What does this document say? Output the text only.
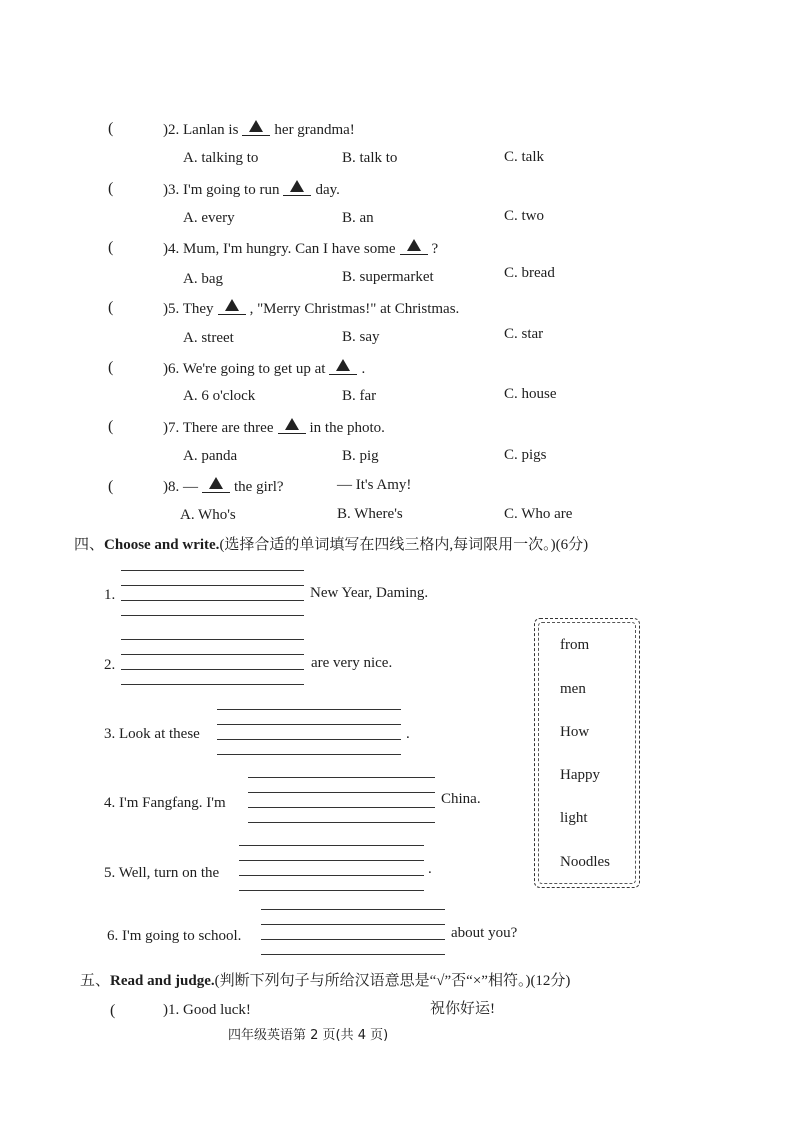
(	)2. Lanlan is her grandma!
A. talking to	B. talk to	C. talk
(	)3. I'm going to run day.
A. every	B. an	C. two
(	)4. Mum, I'm hungry. Can I have some ?
A. bag	B. supermarket	C. bread
(	)5. They , "Merry Christmas!" at Christmas.
A. street	B. say	C. star
(	)6. We're going to get up at .
A. 6 o'clock	B. far	C. house
(	)7. There are three in the photo.
A. panda	B. pig	C. pigs
(	)8. — the girl?	— It's Amy!
A. Who's	B. Where's	C. Who are
四、Choose and write.(选择合适的单词填写在四线三格内,每词限用一次。)(6分)
1.	New Year, Daming.
2.	are very nice.
3. Look at these	.
4. I'm Fangfang. I'm	China.
5. Well, turn on the	.
6. I'm going to school.	about you?
from
men
How
Happy
light
Noodles
五、Read and judge.(判断下列句子与所给汉语意思是“√”否“×”相符。)(12分)
(	)1. Good luck!	祝你好运!
四年级英语第 2 页(共 4 页)
